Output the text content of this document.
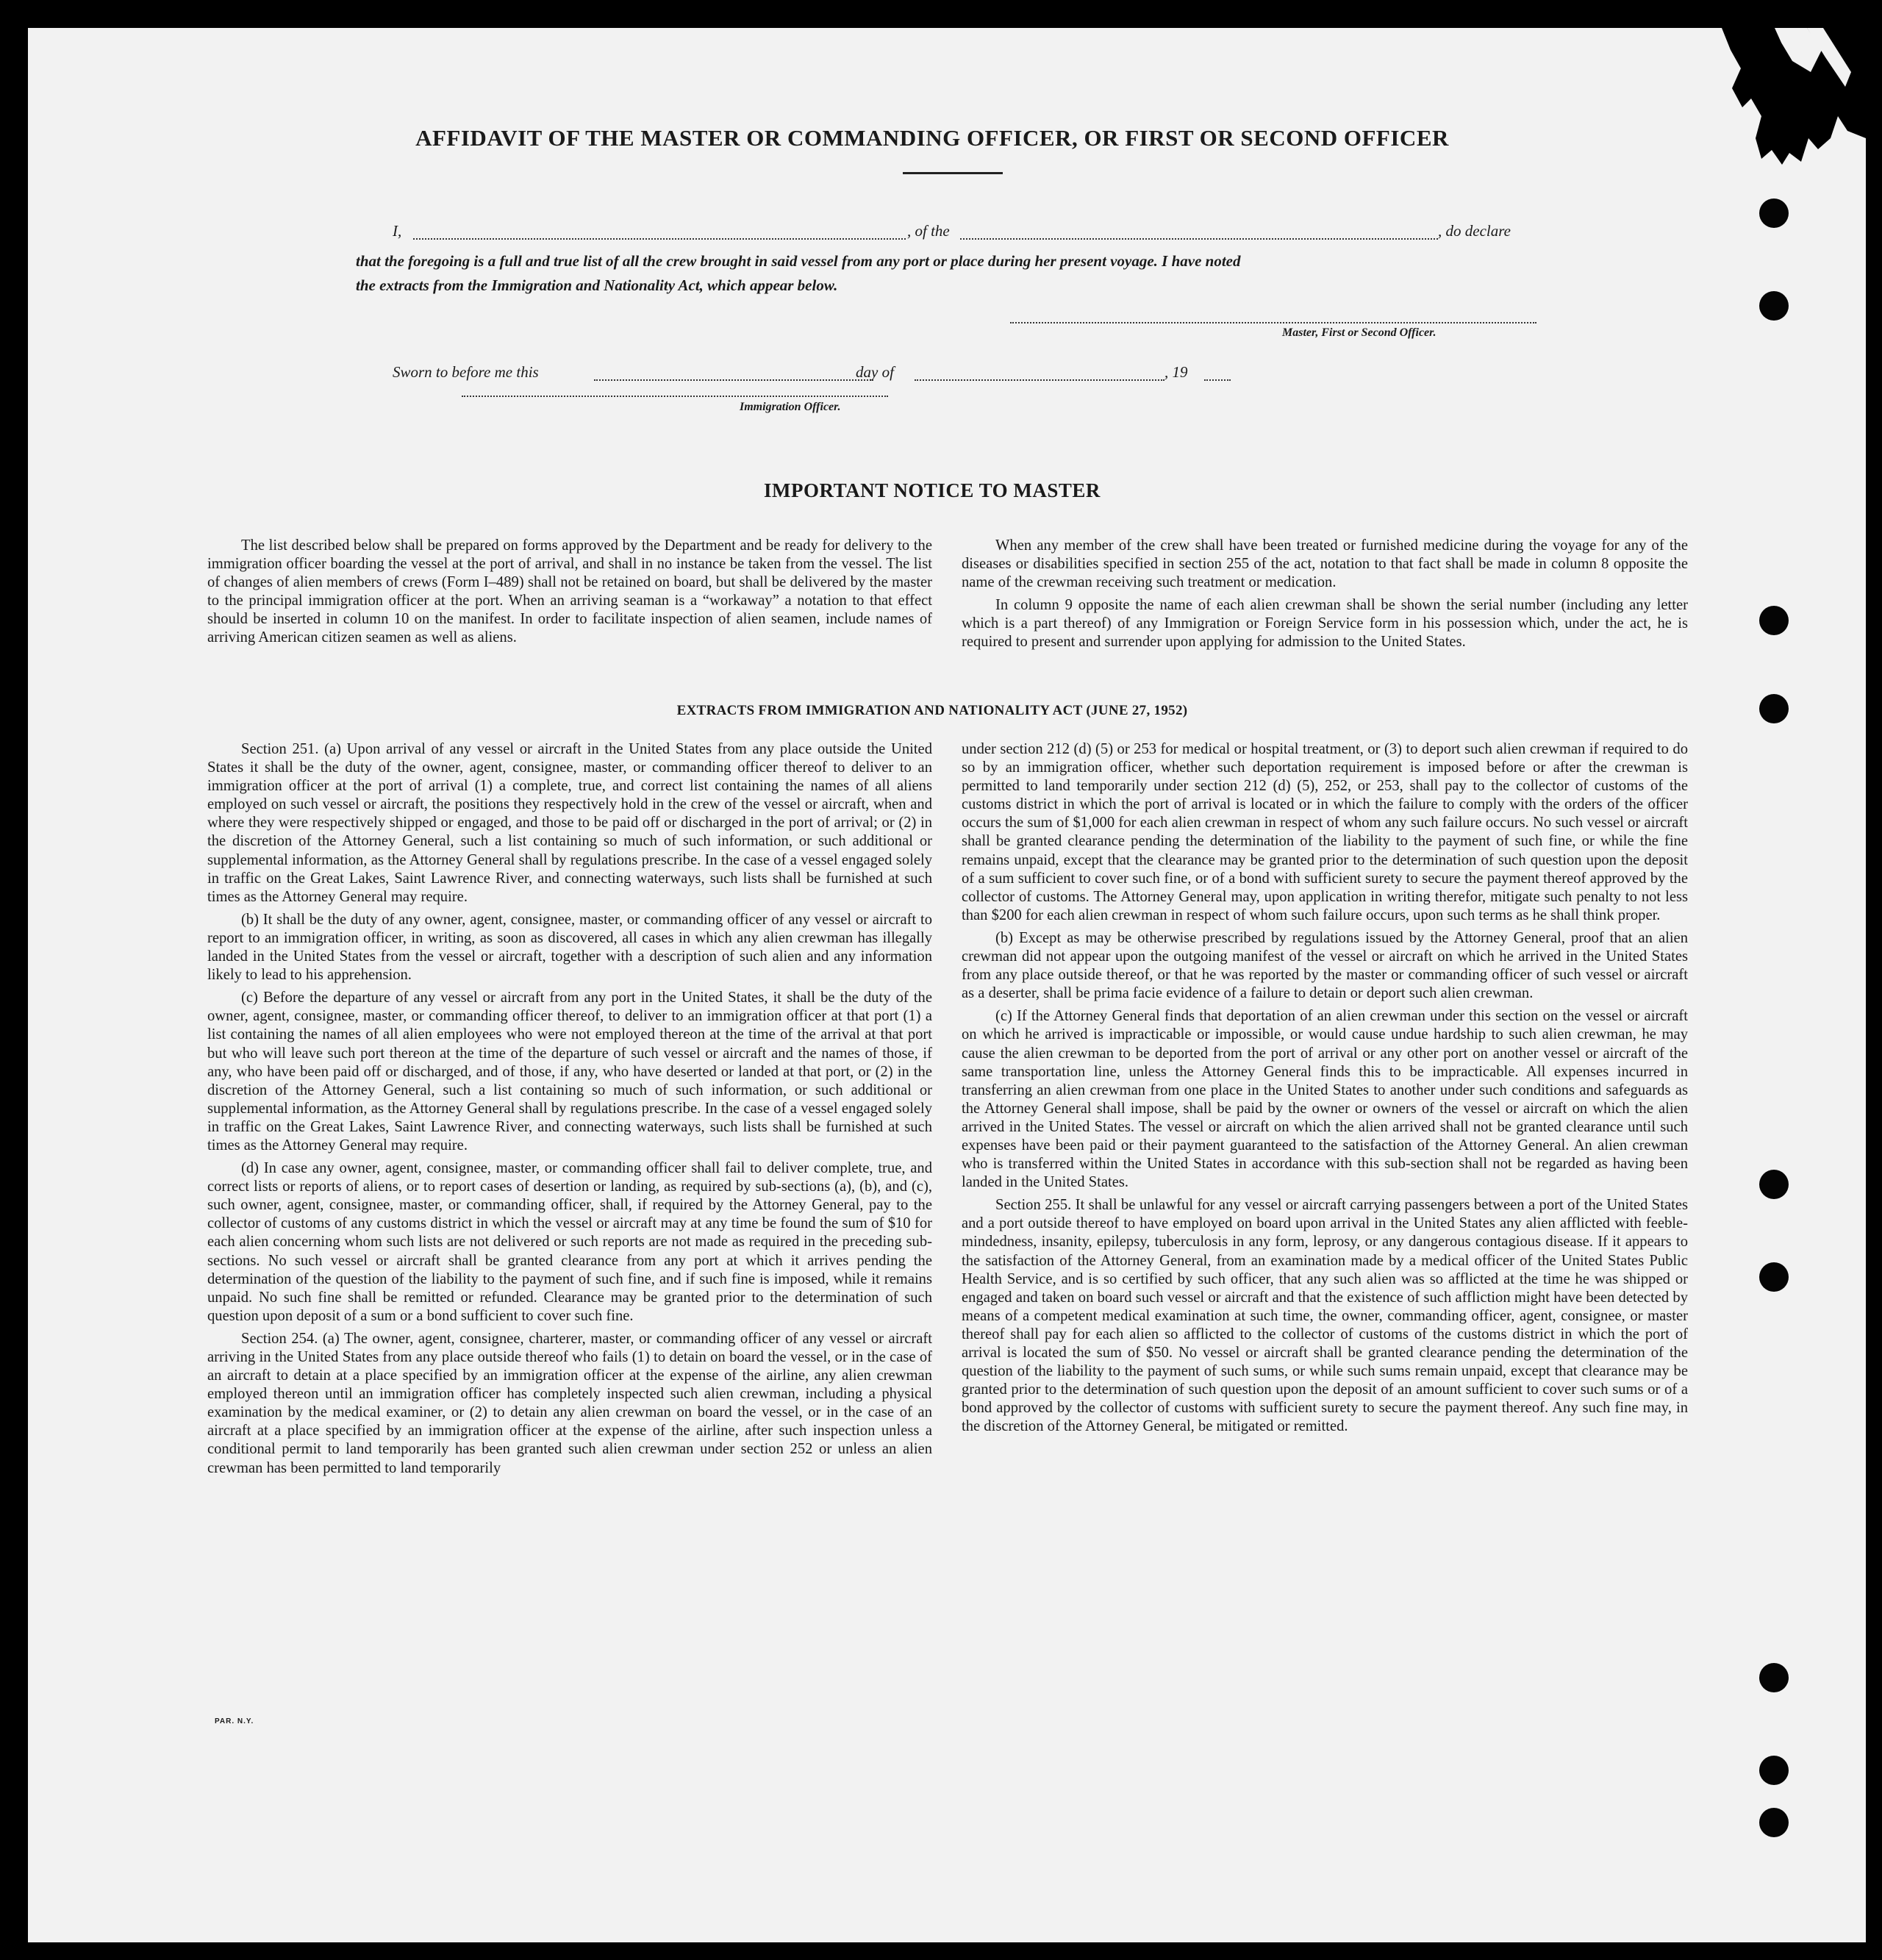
AFFIDAVIT OF THE MASTER OR COMMANDING OFFICER, OR FIRST OR SECOND OFFICER
I,	, of the	, do declare

that the foregoing is a full and true list of all the crew brought in said vessel from any port or place during her present voyage. I have noted

the extracts from the Immigration and Nationality Act, which appear below.

Master, First or Second Officer.
Sworn to before me this	day of	, 19
Immigration Officer.
IMPORTANT NOTICE TO MASTER

The list described below shall be prepared on forms approved by the Department and be ready for delivery to the immigration officer boarding the vessel at the port of arrival, and shall in no instance be taken from the vessel. The list of changes of alien members of crews (Form I–489) shall not be retained on board, but shall be delivered by the master to the principal immigration officer at the port. When an arriving seaman is a “workaway” a notation to that effect should be inserted in column 10 on the manifest. In order to facilitate inspection of alien seamen, include names of arriving American citizen seamen as well as aliens.

When any member of the crew shall have been treated or furnished medicine during the voyage for any of the diseases or disabilities specified in section 255 of the act, notation to that fact shall be made in column 8 opposite the name of the crewman receiving such treatment or medication.

In column 9 opposite the name of each alien crewman shall be shown the serial number (including any letter which is a part thereof) of any Immigration or Foreign Service form in his possession which, under the act, he is required to present and surrender upon applying for admission to the United States.

EXTRACTS FROM IMMIGRATION AND NATIONALITY ACT (JUNE 27, 1952)

Section 251. (a) Upon arrival of any vessel or aircraft in the United States from any place outside the United States it shall be the duty of the owner, agent, consignee, master, or commanding officer thereof to deliver to an immigration officer at the port of arrival (1) a complete, true, and correct list containing the names of all aliens employed on such vessel or aircraft, the positions they respectively hold in the crew of the vessel or aircraft, when and where they were respectively shipped or engaged, and those to be paid off or discharged in the port of arrival; or (2) in the discretion of the Attorney General, such a list containing so much of such information, or such additional or supplemental information, as the Attorney General shall by regulations prescribe. In the case of a vessel engaged solely in traffic on the Great Lakes, Saint Lawrence River, and connecting waterways, such lists shall be furnished at such times as the Attorney General may require.

(b) It shall be the duty of any owner, agent, consignee, master, or commanding officer of any vessel or aircraft to report to an immigration officer, in writing, as soon as discovered, all cases in which any alien crewman has illegally landed in the United States from the vessel or aircraft, together with a description of such alien and any information likely to lead to his apprehension.

(c) Before the departure of any vessel or aircraft from any port in the United States, it shall be the duty of the owner, agent, consignee, master, or commanding officer thereof, to deliver to an immigration officer at that port (1) a list containing the names of all alien employees who were not employed thereon at the time of the arrival at that port but who will leave such port thereon at the time of the departure of such vessel or aircraft and the names of those, if any, who have been paid off or discharged, and of those, if any, who have deserted or landed at that port, or (2) in the discretion of the Attorney General, such a list containing so much of such information, or such additional or supplemental information, as the Attorney General shall by regulations prescribe. In the case of a vessel engaged solely in traffic on the Great Lakes, Saint Lawrence River, and connecting waterways, such lists shall be furnished at such times as the Attorney General may require.

(d) In case any owner, agent, consignee, master, or commanding officer shall fail to deliver complete, true, and correct lists or reports of aliens, or to report cases of desertion or landing, as required by sub-sections (a), (b), and (c), such owner, agent, consignee, master, or commanding officer, shall, if required by the Attorney General, pay to the collector of customs of any customs district in which the vessel or aircraft may at any time be found the sum of $10 for each alien concerning whom such lists are not delivered or such reports are not made as required in the preceding sub-sections. No such vessel or aircraft shall be granted clearance from any port at which it arrives pending the determination of the question of the liability to the payment of such fine, and if such fine is imposed, while it remains unpaid. No such fine shall be remitted or refunded. Clearance may be granted prior to the determination of such question upon deposit of a sum or a bond sufficient to cover such fine.

Section 254. (a) The owner, agent, consignee, charterer, master, or commanding officer of any vessel or aircraft arriving in the United States from any place outside thereof who fails (1) to detain on board the vessel, or in the case of an aircraft to detain at a place specified by an immigration officer at the expense of the airline, any alien crewman employed thereon until an immigration officer has completely inspected such alien crewman, including a physical examination by the medical examiner, or (2) to detain any alien crewman on board the vessel, or in the case of an aircraft at a place specified by an immigration officer at the expense of the airline, after such inspection unless a conditional permit to land temporarily has been granted such alien crewman under section 252 or unless an alien crewman has been permitted to land temporarily

under section 212 (d) (5) or 253 for medical or hospital treatment, or (3) to deport such alien crewman if required to do so by an immigration officer, whether such deportation requirement is imposed before or after the crewman is permitted to land temporarily under section 212 (d) (5), 252, or 253, shall pay to the collector of customs of the customs district in which the port of arrival is located or in which the failure to comply with the orders of the officer occurs the sum of $1,000 for each alien crewman in respect of whom any such failure occurs. No such vessel or aircraft shall be granted clearance pending the determination of the liability to the payment of such fine, or while the fine remains unpaid, except that the clearance may be granted prior to the determination of such question upon the deposit of a sum sufficient to cover such fine, or of a bond with sufficient surety to secure the payment thereof approved by the collector of customs. The Attorney General may, upon application in writing therefor, mitigate such penalty to not less than $200 for each alien crewman in respect of whom such failure occurs, upon such terms as he shall think proper.

(b) Except as may be otherwise prescribed by regulations issued by the Attorney General, proof that an alien crewman did not appear upon the outgoing manifest of the vessel or aircraft on which he arrived in the United States from any place outside thereof, or that he was reported by the master or commanding officer of such vessel or aircraft as a deserter, shall be prima facie evidence of a failure to detain or deport such alien crewman.

(c) If the Attorney General finds that deportation of an alien crewman under this section on the vessel or aircraft on which he arrived is impracticable or impossible, or would cause undue hardship to such alien crewman, he may cause the alien crewman to be deported from the port of arrival or any other port on another vessel or aircraft of the same transportation line, unless the Attorney General finds this to be impracticable. All expenses incurred in transferring an alien crewman from one place in the United States to another under such conditions and safeguards as the Attorney General shall impose, shall be paid by the owner or owners of the vessel or aircraft on which the alien arrived in the United States. The vessel or aircraft on which the alien arrived shall not be granted clearance until such expenses have been paid or their payment guaranteed to the satisfaction of the Attorney General. An alien crewman who is transferred within the United States in accordance with this sub-section shall not be regarded as having been landed in the United States.

Section 255. It shall be unlawful for any vessel or aircraft carrying passengers between a port of the United States and a port outside thereof to have employed on board upon arrival in the United States any alien afflicted with feeble-mindedness, insanity, epilepsy, tuberculosis in any form, leprosy, or any dangerous contagious disease. If it appears to the satisfaction of the Attorney General, from an examination made by a medical officer of the United States Public Health Service, and is so certified by such officer, that any such alien was so afflicted at the time he was shipped or engaged and taken on board such vessel or aircraft and that the existence of such affliction might have been detected by means of a competent medical examination at such time, the owner, commanding officer, agent, consignee, or master thereof shall pay for each alien so afflicted to the collector of customs of the customs district in which the port of arrival is located the sum of $50. No vessel or aircraft shall be granted clearance pending the determination of the question of the liability to the payment of such sums, or while such sums remain unpaid, except that clearance may be granted prior to the determination of such question upon the deposit of an amount sufficient to cover such sums or of a bond approved by the collector of customs with sufficient surety to secure the payment thereof. Any such fine may, in the discretion of the Attorney General, be mitigated or remitted.

PAR. N.Y.
